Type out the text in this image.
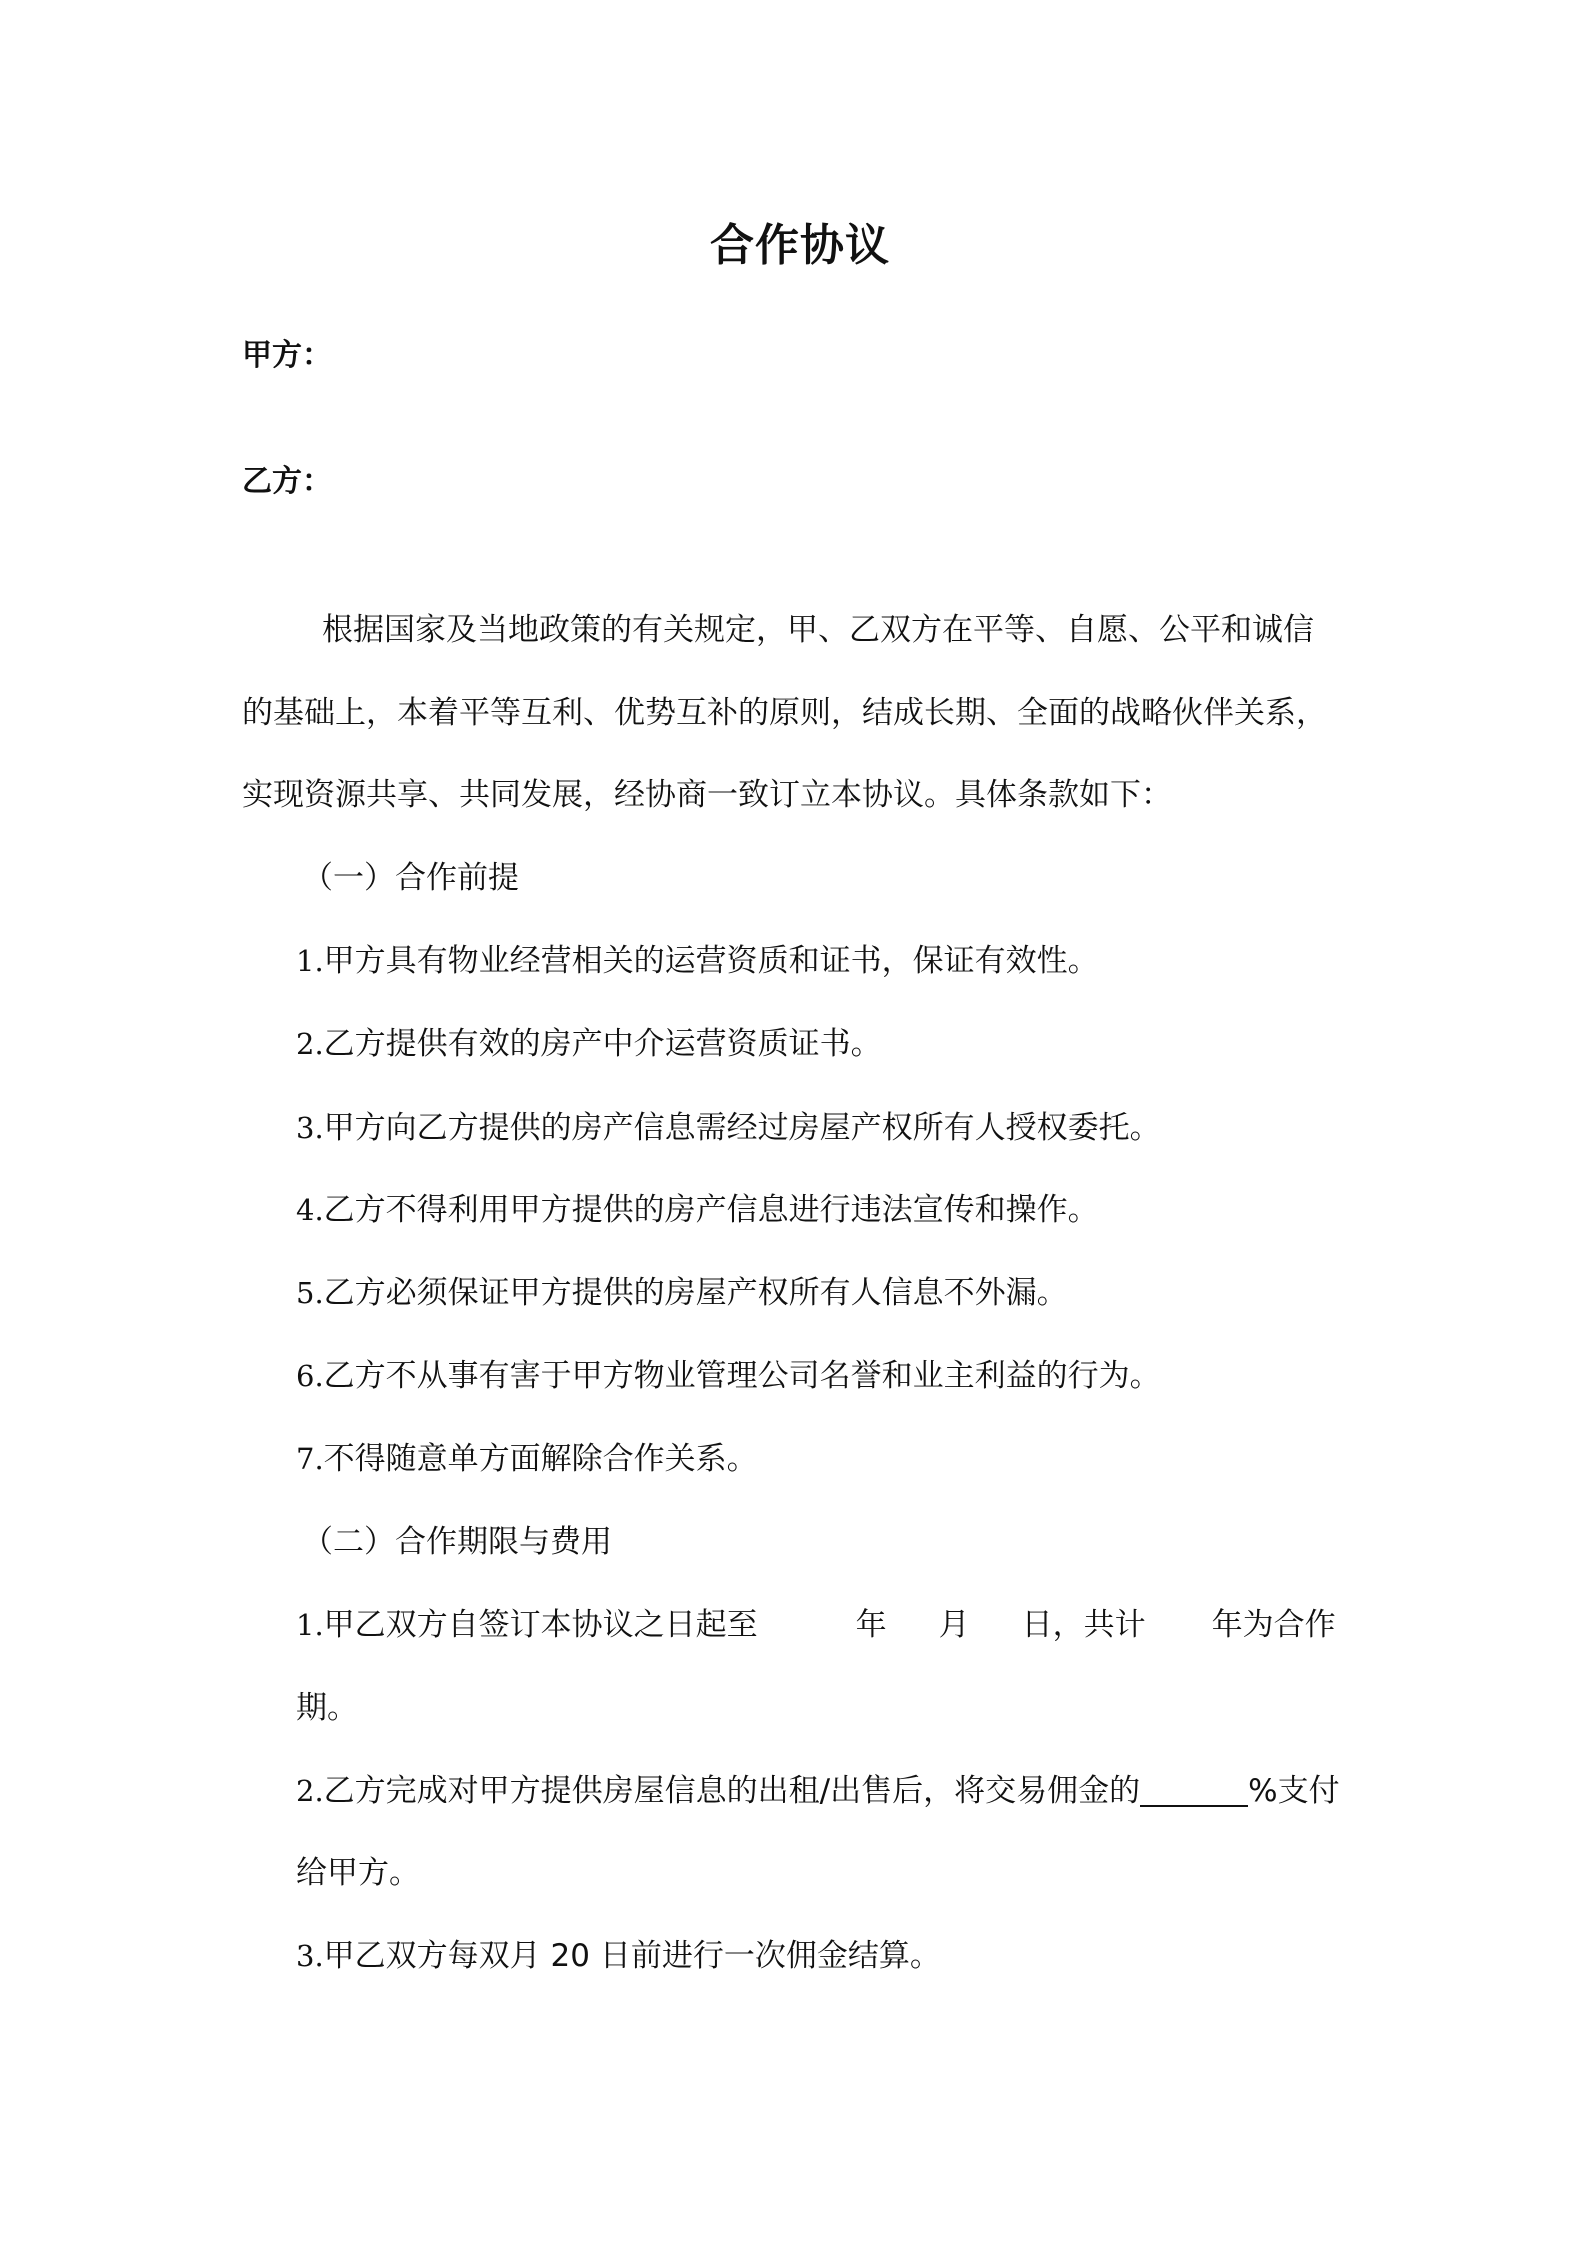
合作协议
甲方：
乙方：
根据国家及当地政策的有关规定，甲、乙双方在平等、自愿、公平和诚信
的基础上，本着平等互利、优势互补的原则，结成长期、全面的战略伙伴关系，
实现资源共享、共同发展，经协商一致订立本协议。具体条款如下：
（一）合作前提
1.甲方具有物业经营相关的运营资质和证书，保证有效性。
2.乙方提供有效的房产中介运营资质证书。
3.甲方向乙方提供的房产信息需经过房屋产权所有人授权委托。
4.乙方不得利用甲方提供的房产信息进行违法宣传和操作。
5.乙方必须保证甲方提供的房屋产权所有人信息不外漏。
6.乙方不从事有害于甲方物业管理公司名誉和业主利益的行为。
7.不得随意单方面解除合作关系。
（二）合作期限与费用
1.甲乙双方自签订本协议之日起至	年 月 日，共计 年为合作
期。
2.乙方完成对甲方提供房屋信息的出租/出售后，将交易佣金的	%支付
给甲方。
3.甲乙双方每双月 20 日前进行一次佣金结算。
